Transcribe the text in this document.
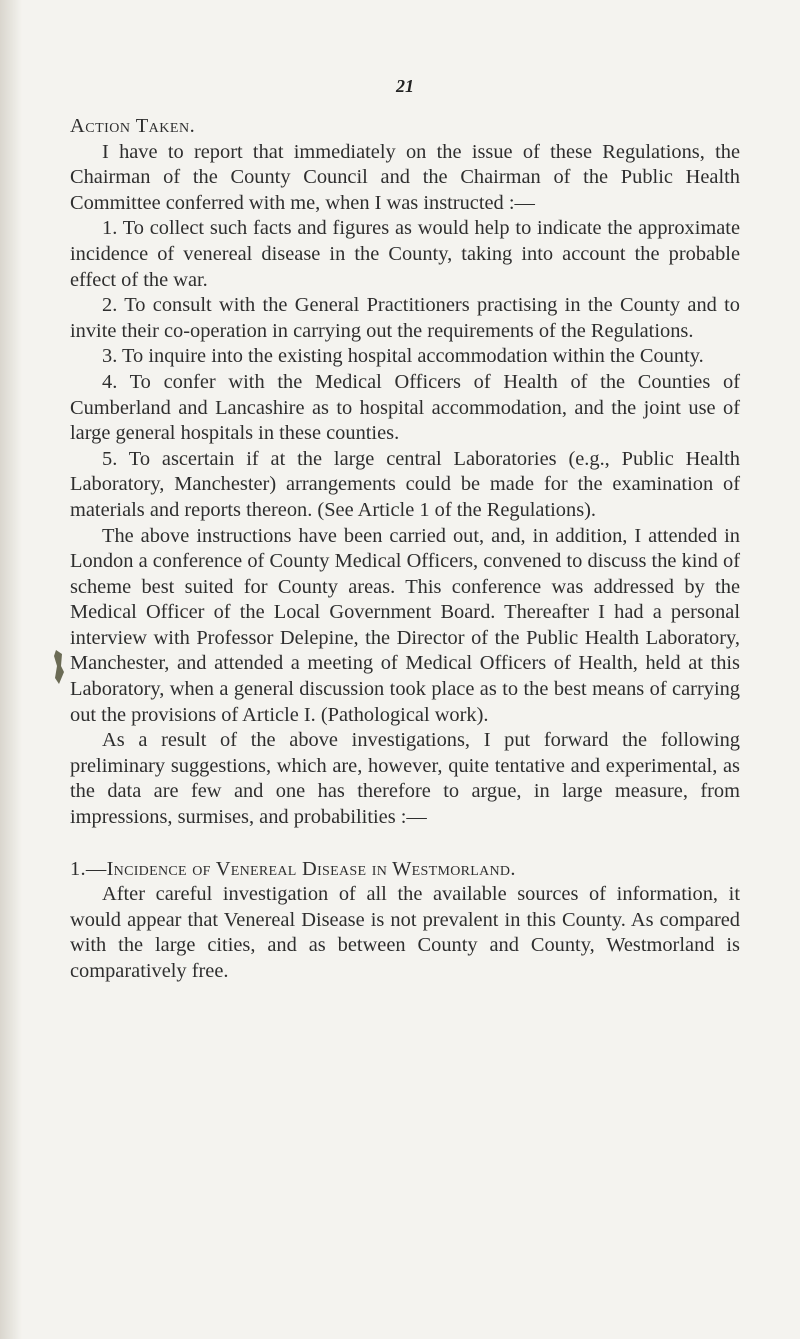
21
Action Taken.

I have to report that immediately on the issue of these Regulations, the Chairman of the County Council and the Chairman of the Public Health Committee conferred with me, when I was instructed :—

1. To collect such facts and figures as would help to indicate the approximate incidence of venereal disease in the County, taking into account the probable effect of the war.

2. To consult with the General Practitioners practising in the County and to invite their co-operation in carrying out the requirements of the Regulations.

3. To inquire into the existing hospital accommodation within the County.

4. To confer with the Medical Officers of Health of the Counties of Cumberland and Lancashire as to hospital accommodation, and the joint use of large general hospitals in these counties.

5. To ascertain if at the large central Laboratories (e.g., Public Health Laboratory, Manchester) arrangements could be made for the examination of materials and reports thereon. (See Article 1 of the Regulations).

The above instructions have been carried out, and, in addition, I attended in London a conference of County Medical Officers, convened to discuss the kind of scheme best suited for County areas. This conference was addressed by the Medical Officer of the Local Government Board. Thereafter I had a personal interview with Professor Delepine, the Director of the Public Health Laboratory, Manchester, and attended a meeting of Medical Officers of Health, held at this Laboratory, when a general discussion took place as to the best means of carrying out the provisions of Article I. (Pathological work).

As a result of the above investigations, I put forward the following preliminary suggestions, which are, however, quite tentative and experimental, as the data are few and one has therefore to argue, in large measure, from impressions, surmises, and probabilities :—

1.—Incidence of Venereal Disease in Westmorland.

After careful investigation of all the available sources of information, it would appear that Venereal Disease is not prevalent in this County. As compared with the large cities, and as between County and County, Westmorland is comparatively free.
